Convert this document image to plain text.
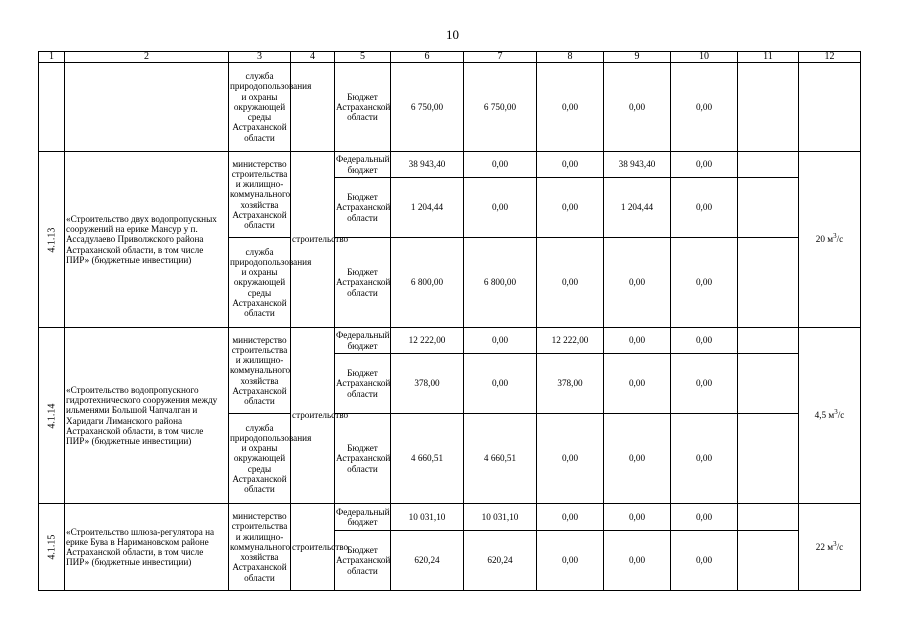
10
1	2	3	4	5	6	7	8	9	10	11	12
		служба природопользования и охраны окружающей среды Астраханской области		Бюджет Астраханской области	6 750,00	6 750,00	0,00	0,00	0,00		
4.1.13	«Строительство двух водопропускных сооружений на ерике Мансур у п. Ассадулаево Приволжского района Астраханской области, в том числе ПИР» (бюджетные инвестиции)	министерство строительства и жилищно-коммунального хозяйства Астраханской области	строительство	Федеральный бюджет	38 943,40	0,00	0,00	38 943,40	0,00		20 $м^3/с$
				Бюджет Астраханской области	1 204,44	0,00	0,00	1 204,44	0,00		
		служба природопользования и охраны окружающей среды Астраханской области		Бюджет Астраханской области	6 800,00	6 800,00	0,00	0,00	0,00		
4.1.14	«Строительство водопропускного гидротехнического сооружения между ильменями Большой Чапчалган и Харидаги Лиманского района Астраханской области, в том числе ПИР» (бюджетные инвестиции)	министерство строительства и жилищно-коммунального хозяйства Астраханской области	строительство	Федеральный бюджет	12 222,00	0,00	12 222,00	0,00	0,00		4,5 $м^3/с$
				Бюджет Астраханской области	378,00	0,00	378,00	0,00	0,00		
		служба природопользования и охраны окружающей среды Астраханской области		Бюджет Астраханской области	4 660,51	4 660,51	0,00	0,00	0,00		
4.1.15	«Строительство шлюза-регулятора на ерике Бува в Наримановском районе Астраханской области, в том числе ПИР» (бюджетные инвестиции)	министерство строительства и жилищно-коммунального хозяйства Астраханской области	строительство	Федеральный бюджет	10 031,10	10 031,10	0,00	0,00	0,00		22 $м^3/с$
				Бюджет Астраханской области	620,24	620,24	0,00	0,00	0,00		
